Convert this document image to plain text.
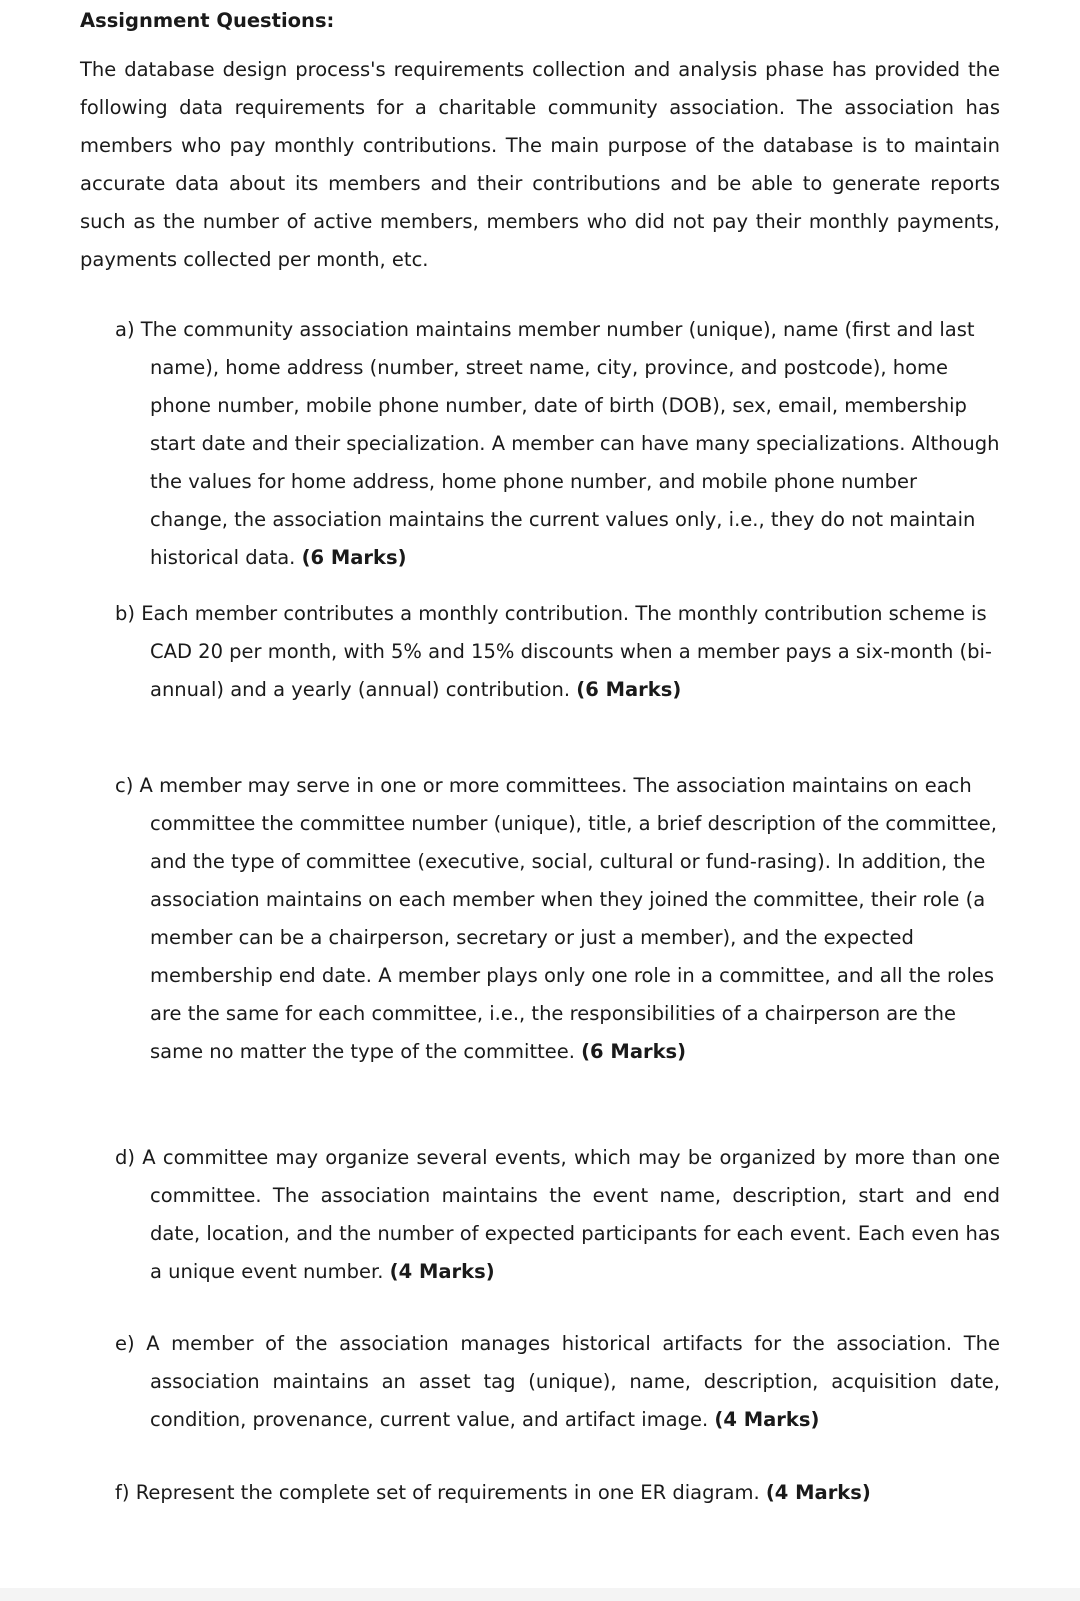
Assignment Questions:
The database design process's requirements collection and analysis phase has provided the following data requirements for a charitable community association. The association has members who pay monthly contributions. The main purpose of the database is to maintain accurate data about its members and their contributions and be able to generate reports such as the number of active members, members who did not pay their monthly payments, payments collected per month, etc.
a) The community association maintains member number (unique), name (first and last name), home address (number, street name, city, province, and postcode), home phone number, mobile phone number, date of birth (DOB), sex, email, membership start date and their specialization. A member can have many specializations. Although the values for home address, home phone number, and mobile phone number change, the association maintains the current values only, i.e., they do not maintain historical data. (6 Marks)
b) Each member contributes a monthly contribution. The monthly contribution scheme is CAD 20 per month, with 5% and 15% discounts when a member pays a six-month (bi-annual) and a yearly (annual) contribution. (6 Marks)
c) A member may serve in one or more committees. The association maintains on each committee the committee number (unique), title, a brief description of the committee, and the type of committee (executive, social, cultural or fund-rasing). In addition, the association maintains on each member when they joined the committee, their role (a member can be a chairperson, secretary or just a member), and the expected membership end date. A member plays only one role in a committee, and all the roles are the same for each committee, i.e., the responsibilities of a chairperson are the same no matter the type of the committee. (6 Marks)
d) A committee may organize several events, which may be organized by more than one committee. The association maintains the event name, description, start and end date, location, and the number of expected participants for each event. Each even has a unique event number. (4 Marks)
e) A member of the association manages historical artifacts for the association. The association maintains an asset tag (unique), name, description, acquisition date, condition, provenance, current value, and artifact image. (4 Marks)
f) Represent the complete set of requirements in one ER diagram. (4 Marks)
